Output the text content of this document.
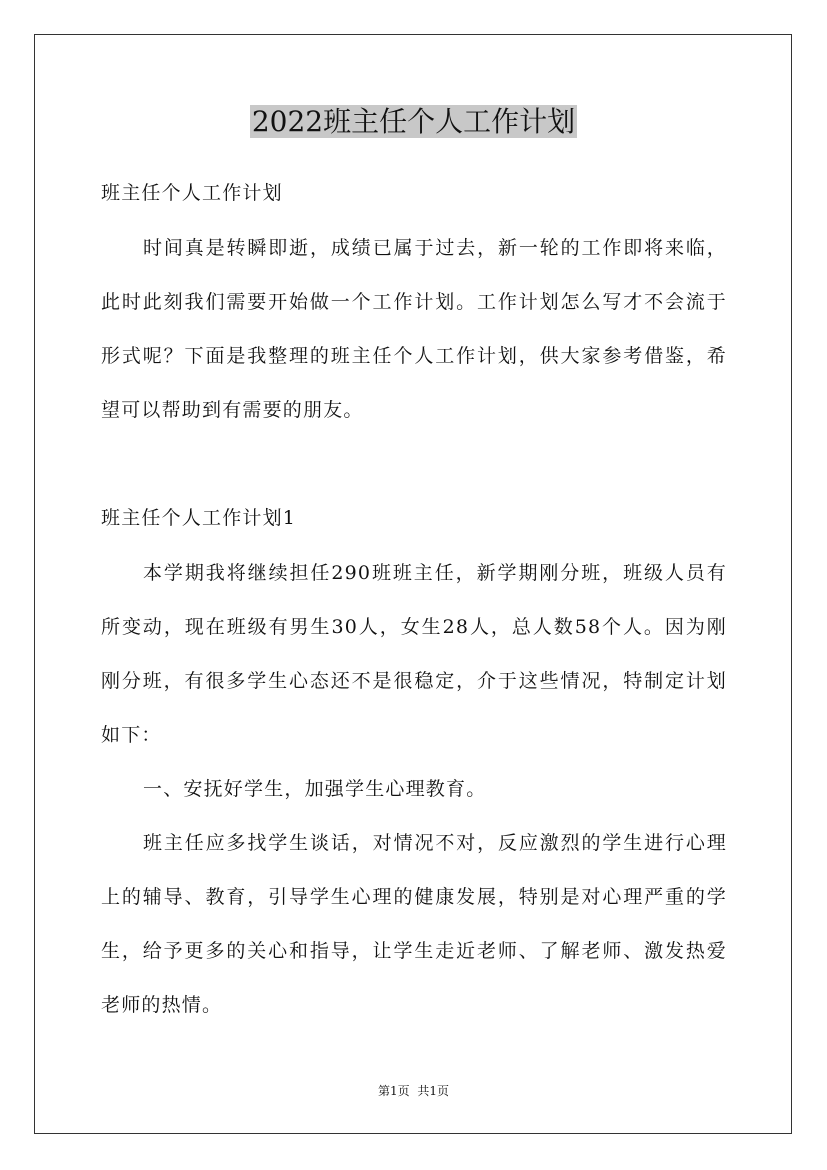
2022班主任个人工作计划
班主任个人工作计划
时间真是转瞬即逝，成绩已属于过去，新一轮的工作即将来临，
此时此刻我们需要开始做一个工作计划。工作计划怎么写才不会流于
形式呢？下面是我整理的班主任个人工作计划，供大家参考借鉴，希
望可以帮助到有需要的朋友。
班主任个人工作计划1
本学期我将继续担任290班班主任，新学期刚分班，班级人员有
所变动，现在班级有男生30人，女生28人，总人数58个人。因为刚
刚分班，有很多学生心态还不是很稳定，介于这些情况，特制定计划
如下：
一、安抚好学生，加强学生心理教育。
班主任应多找学生谈话，对情况不对，反应激烈的学生进行心理
上的辅导、教育，引导学生心理的健康发展，特别是对心理严重的学
生，给予更多的关心和指导，让学生走近老师、了解老师、激发热爱
老师的热情。
第1页 共1页
